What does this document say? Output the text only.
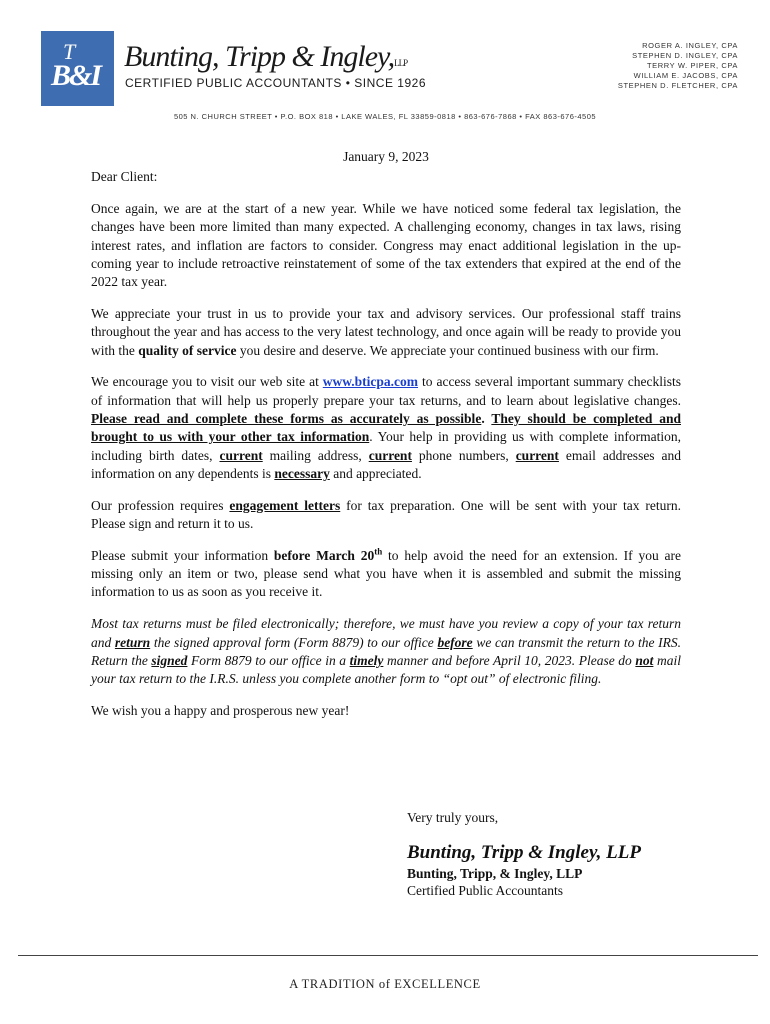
T
B&I
Bunting, Tripp & Ingley,LLP
CERTIFIED PUBLIC ACCOUNTANTS • SINCE 1926
ROGER A. INGLEY, CPA
STEPHEN D. INGLEY, CPA
TERRY W. PIPER, CPA
WILLIAM E. JACOBS, CPA
STEPHEN D. FLETCHER, CPA
505 N. CHURCH STREET • P.O. BOX 818 • LAKE WALES, FL 33859-0818 • 863-676-7868 • FAX 863-676-4505

January 9, 2023

Dear Client:

Once again, we are at the start of a new year. While we have noticed some federal tax legislation, the changes have been more limited than many expected. A challenging economy, changes in tax laws, rising interest rates, and inflation are factors to consider. Congress may enact additional legislation in the up-coming year to include retroactive reinstatement of some of the tax extenders that expired at the end of the 2022 tax year.

We appreciate your trust in us to provide your tax and advisory services. Our professional staff trains throughout the year and has access to the very latest technology, and once again will be ready to provide you with the quality of service you desire and deserve. We appreciate your continued business with our firm.

We encourage you to visit our web site at www.bticpa.com to access several important summary checklists of information that will help us properly prepare your tax returns, and to learn about legislative changes. Please read and complete these forms as accurately as possible. They should be completed and brought to us with your other tax information. Your help in providing us with complete information, including birth dates, current mailing address, current phone numbers, current email addresses and information on any dependents is necessary and appreciated.

Our profession requires engagement letters for tax preparation. One will be sent with your tax return. Please sign and return it to us.

Please submit your information before March 20th to help avoid the need for an extension. If you are missing only an item or two, please send what you have when it is assembled and submit the missing information to us as soon as you receive it.

Most tax returns must be filed electronically; therefore, we must have you review a copy of your tax return and return the signed approval form (Form 8879) to our office before we can transmit the return to the IRS. Return the signed Form 8879 to our office in a timely manner and before April 10, 2023. Please do not mail your tax return to the I.R.S. unless you complete another form to “opt out” of electronic filing.

We wish you a happy and prosperous new year!

Very truly yours,
Bunting, Tripp & Ingley, LLP
Bunting, Tripp, & Ingley, LLP
Certified Public Accountants
A TRADITION of EXCELLENCE
